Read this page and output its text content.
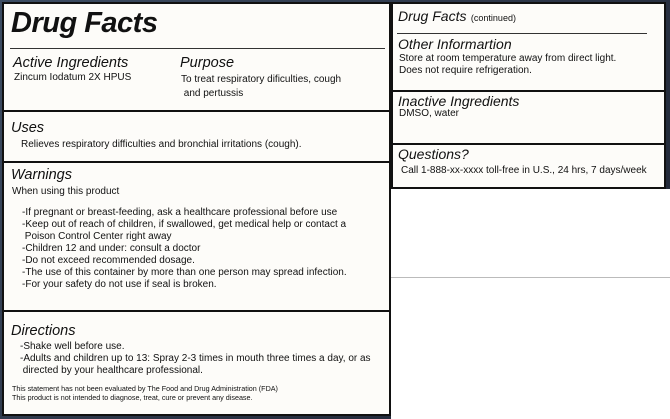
Drug Facts
Active Ingredients
Zincum Iodatum 2X HPUS
Purpose
To treat respiratory dificulties, cough
and pertussis
Uses
Relieves respiratory difficulties and bronchial irritations (cough).
Warnings
When using this product
-If pregnant or breast-feeding, ask a healthcare professional before use
-Keep out of reach of children, if swallowed, get medical help or contact a
Poison Control Center right away
-Children 12 and under: consult a doctor
-Do not exceed recommended dosage.
-The use of this container by more than one person may spread infection.
-For your safety do not use if seal is broken.
Directions
-Shake well before use.
-Adults and children up to 13: Spray 2-3 times in mouth three times a day, or as
directed by your healthcare professional.
This statement has not been evaluated by The Food and Drug Administration (FDA)
This product is not intended to diagnose, treat, cure or prevent any disease.
Drug Facts (continued)
Other Informartion
Store at room temperature away from direct light.
Does not require refrigeration.
Inactive Ingredients
DMSO, water
Questions?
Call 1-888-xx-xxxx toll-free in U.S., 24 hrs, 7 days/week
